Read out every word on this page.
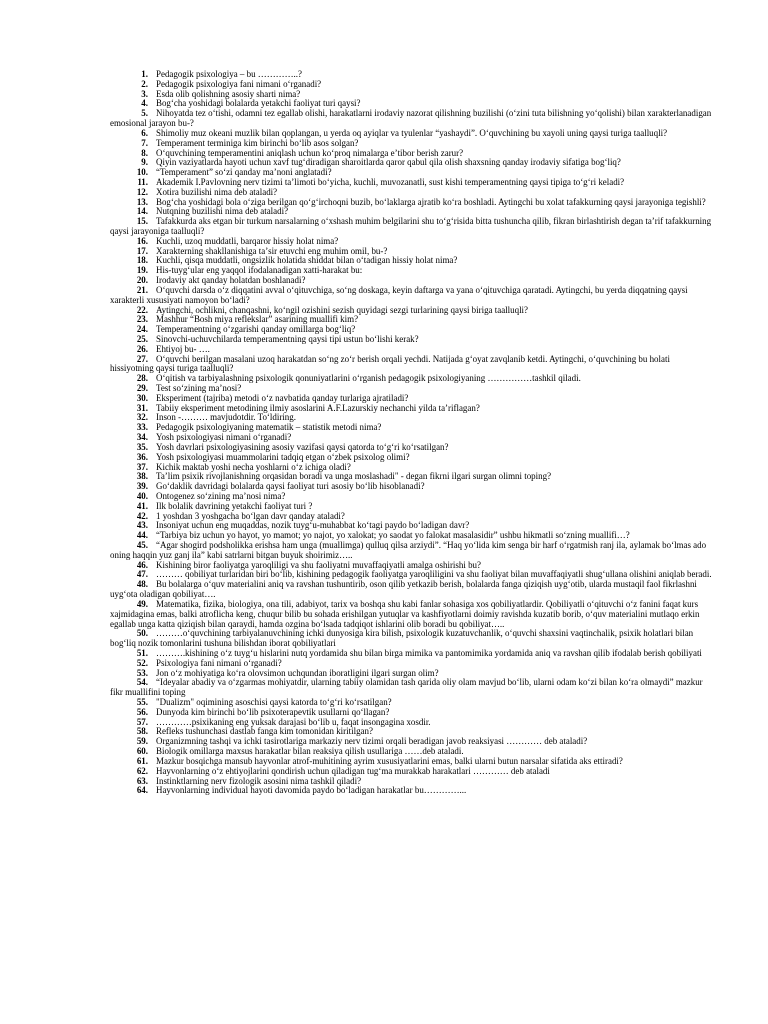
1. Pedagogik psixologiya – bu …………..?

2. Pedagogik psixologiya fani nimani oʻrganadi?

3. Esda olib qolishning asosiy sharti nima?

4. Bogʻcha yoshidagi bolalarda yetakchi faoliyat turi qaysi?

5. Nihoyatda tez oʻtishi, odamni tez egallab olishi, harakatlarni irodaviy nazorat qilishning buzilishi (oʻzini tuta bilishning yoʻqolishi) bilan xarakterlanadigan emosional jarayon bu-?

6. Shimoliy muz okeani muzlik bilan qoplangan, u yerda oq ayiqlar va tyulenlar “yashaydi”. Oʻquvchining bu xayoli uning qaysi turiga taalluqli?

7. Temperament terminiga kim birinchi boʻlib asos solgan?

8. Oʻquvchining temperamentini aniqlash uchun koʻproq nimalarga eʼtibor berish zarur?

9. Qiyin vaziyatlarda hayoti uchun xavf tugʻdiradigan sharoitlarda qaror qabul qila olish shaxsning qanday irodaviy sifatiga bogʻliq?

10. “Temperament” soʻzi qanday maʼnoni anglatadi?

11. Akademik I.Pavlovning nerv tizimi taʼlimoti boʻyicha, kuchli, muvozanatli, sust kishi temperamentning qaysi tipiga toʻgʻri keladi?

12. Xotira buzilishi nima deb ataladi?

13. Bogʻcha yoshidagi bola oʻziga berilgan qoʻgʻirchoqni buzib, boʻlaklarga ajratib koʻra boshladi. Aytingchi bu xolat tafakkurning qaysi jarayoniga tegishli?

14. Nutqning buzilishi nima deb ataladi?

15. Tafakkurda aks etgan bir turkum narsalarning oʻxshash muhim belgilarini shu toʻgʻrisida bitta tushuncha qilib, fikran birlashtirish degan taʼrif tafakkurning qaysi jarayoniga taalluqli?

16. Kuchli, uzoq muddatli, barqaror hissiy holat nima?

17. Xarakterning shakllanishiga taʼsir etuvchi eng muhim omil, bu-?

18. Kuchli, qisqa muddatli, ongsizlik holatida shiddat bilan oʻtadigan hissiy holat nima?

19. His-tuygʻular eng yaqqol ifodalanadigan xatti-harakat bu:

20. Irodaviy akt qanday holatdan boshlanadi?

21. Oʻquvchi darsda oʻz diqqatini avval oʻqituvchiga, soʻng doskaga, keyin daftarga va yana oʻqituvchiga qaratadi. Aytingchi, bu yerda diqqatning qaysi xarakterli xususiyati namoyon boʻladi?

22. Aytingchi, ochlikni, chanqashni, koʻngil ozishini sezish quyidagi sezgi turlarining qaysi biriga taalluqli?

23. Mashhur “Bosh miya reflekslar” asarining muallifi kim?

24. Temperamentning oʻzgarishi qanday omillarga bogʻliq?

25. Sinovchi-uchuvchilarda temperamentning qaysi tipi ustun boʻlishi kerak?

26. Ehtiyoj bu- ….

27. Oʻquvchi berilgan masalani uzoq harakatdan soʻng zoʻr berish orqali yechdi. Natijada gʻoyat zavqlanib ketdi. Aytingchi, oʻquvchining bu holati hissiyotning qaysi turiga taalluqli?

28. Oʻqitish va tarbiyalashning psixologik qonuniyatlarini oʻrganish pedagogik psixologiyaning ……………tashkil qiladi.

29. Test soʻzining maʼnosi?

30. Eksperiment (tajriba) metodi oʻz navbatida qanday turlariga ajratiladi?

31. Tabiiy eksperiment metodining ilmiy asoslarini A.F.Lazurskiy nechanchi yilda taʼriflagan?

32. Inson -……… mavjudotdir. Toʻldiring.

33. Pedagogik psixologiyaning matematik – statistik metodi nima?

34. Yosh psixologiyasi nimani oʻrganadi?

35. Yosh davrlari psixologiyasining asosiy vazifasi qaysi qatorda toʻgʻri koʻrsatilgan?

36. Yosh psixologiyasi muammolarini tadqiq etgan oʻzbek psixolog olimi?

37. Kichik maktab yoshi necha yoshlarni oʻz ichiga oladi?

38. Taʼlim psixik rivojlanishning orqasidan boradi va unga moslashadi" - degan fikrni ilgari surgan olimni toping?

39. Goʻdaklik davridagi bolalarda qaysi faoliyat turi asosiy boʻlib hisoblanadi?

40. Ontogenez soʻzining maʼnosi nima?

41. Ilk bolalik davrining yetakchi faoliyat turi ?

42. 1 yoshdan 3 yoshgacha boʻlgan davr qanday ataladi?

43. Insoniyat uchun eng muqaddas, nozik tuygʻu-muhabbat koʻtagi paydo boʻladigan davr?

44. “Tarbiya biz uchun yo hayot, yo mamot; yo najot, yo xalokat; yo saodat yo falokat masalasidir” ushbu hikmatli soʻzning muallifi…?

45. “Agar shogird podsholikka erishsa ham unga (muallimga) qulluq qilsa arziydi”. “Haq yoʻlida kim senga bir harf oʻrgatmish ranj ila, aylamak boʻlmas ado oning haqqin yuz ganj ila” kabi satrlarni bitgan buyuk shoirimiz…..

46. Kishining biror faoliyatga yaroqliligi va shu faoliyatni muvaffaqiyatli amalga oshirishi bu?

47. ……… qobiliyat turlaridan biri boʻlib, kishining pedagogik faoliyatga yaroqliligini va shu faoliyat bilan muvaffaqiyatli shugʻullana olishini aniqlab beradi.

48. Bu bolalarga oʻquv materialini aniq va ravshan tushuntirib, oson qilib yetkazib berish, bolalarda fanga qiziqish uygʻotib, ularda mustaqil faol fikrlashni uygʻota oladigan qobiliyat….

49. Matematika, fizika, biologiya, ona tili, adabiyot, tarix va boshqa shu kabi fanlar sohasiga xos qobiliyatlardir. Qobiliyatli oʻqituvchi oʻz fanini faqat kurs xajmidagina emas, balki atroflicha keng, chuqur bilib bu sohada erishilgan yutuqlar va kashfiyotlarni doimiy ravishda kuzatib borib, oʻquv materialini mutlaqo erkin egallab unga katta qiziqish bilan qaraydi, hamda ozgina boʻlsada tadqiqot ishlarini olib boradi bu qobiliyat…..

50. ………oʻquvchining tarbiyalanuvchining ichki dunyosiga kira bilish, psixologik kuzatuvchanlik, oʻquvchi shaxsini vaqtinchalik, psixik holatlari bilan bogʻliq nozik tomonlarini tushuna bilishdan iborat qobiliyatlari

51. ……….kishining oʻz tuygʻu hislarini nutq yordamida shu bilan birga mimika va pantomimika yordamida aniq va ravshan qilib ifodalab berish qobiliyati

52. Psixologiya fani nimani oʻrganadi?

53. Jon oʻz mohiyatiga koʻra olovsimon uchqundan iboratligini ilgari surgan olim?

54. “Ideyalar abadiy va oʻzgarmas mohiyatdir, ularning tabiiy olamidan tash qarida oliy olam mavjud boʻlib, ularni odam koʻzi bilan koʻra olmaydi” mazkur fikr muallifini toping

55. "Dualizm" oqimining asoschisi qaysi katorda toʻgʻri koʻrsatilgan?

56. Dunyoda kim birinchi boʻlib psixoterapevtik usullarni qoʻllagan?

57. …………psixikaning eng yuksak darajasi boʻlib u, faqat insongagina xosdir.

58. Refleks tushunchasi dastlab fanga kim tomonidan kiritilgan?

59. Organizmning tashqi va ichki tasirotlariga markaziy nerv tizimi orqali beradigan javob reaksiyasi ………… deb ataladi?

60. Biologik omillarga maxsus harakatlar bilan reaksiya qilish usullariga ……deb ataladi.

61. Mazkur bosqichga mansub hayvonlar atrof-muhitining ayrim xususiyatlarini emas, balki ularni butun narsalar sifatida aks ettiradi?

62. Hayvonlarning oʻz ehtiyojlarini qondirish uchun qiladigan tugʻma murakkab harakatlari ………… deb ataladi

63. Instinktlarning nerv fizologik asosini nima tashkil qiladi?

64. Hayvonlarning individual hayoti davomida paydo boʻladigan harakatlar bu…………...
